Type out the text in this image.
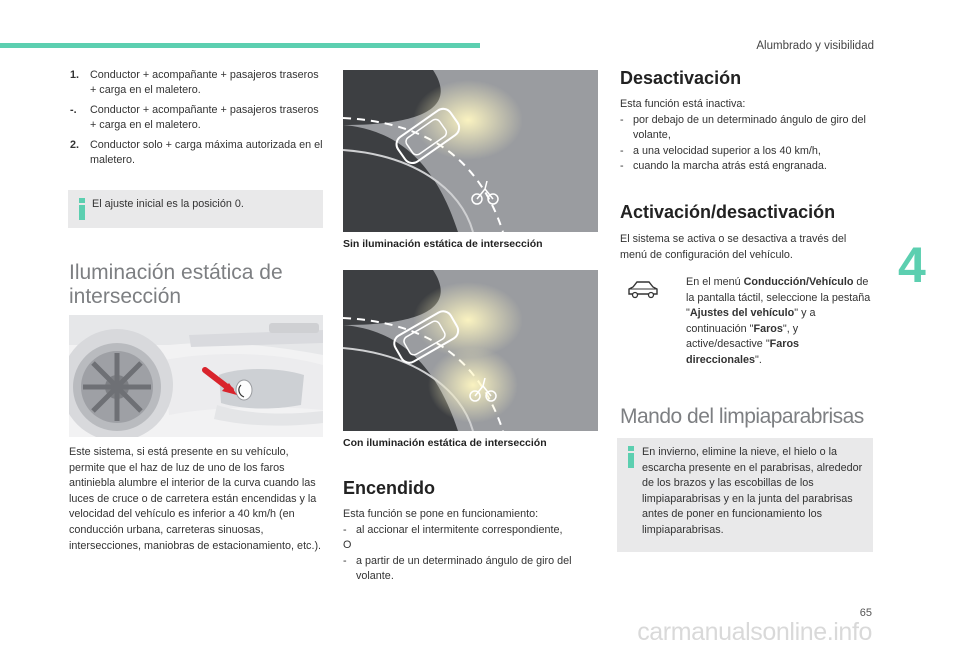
Alumbrado y visibilidad
4
1.	Conductor + acompañante + pasajeros traseros + carga en el maletero.
-.	Conductor + acompañante + pasajeros traseros + carga en el maletero.
2.	Conductor solo + carga máxima autorizada en el maletero.
El ajuste inicial es la posición 0.
Iluminación estática de
intersección
Este sistema, si está presente en su vehículo, permite que el haz de luz de uno de los faros antiniebla alumbre el interior de la curva cuando las luces de cruce o de carretera están encendidas y la velocidad del vehículo es inferior a 40 km/h (en conducción urbana, carreteras sinuosas, intersecciones, maniobras de estacionamiento, etc.).
Sin iluminación estática de intersección
Con iluminación estática de intersección
Encendido
Esta función se pone en funcionamiento:
- al accionar el intermitente correspondiente,
O
- a partir de un determinado ángulo de giro del volante.
Desactivación
Esta función está inactiva:
- por debajo de un determinado ángulo de giro del volante,
- a una velocidad superior a los 40 km/h,
- cuando la marcha atrás está engranada.
Activación/desactivación
El sistema se activa o se desactiva a través del menú de configuración del vehículo.
En el menú Conducción/Vehículo de la pantalla táctil, seleccione la pestaña "Ajustes del vehículo" y a continuación "Faros", y active/desactive "Faros direccionales".
Mando del limpiaparabrisas
En invierno, elimine la nieve, el hielo o la escarcha presente en el parabrisas, alrededor de los brazos y las escobillas de los limpiaparabrisas y en la junta del parabrisas antes de poner en funcionamiento los limpiaparabrisas.
65
carmanualsonline.info
